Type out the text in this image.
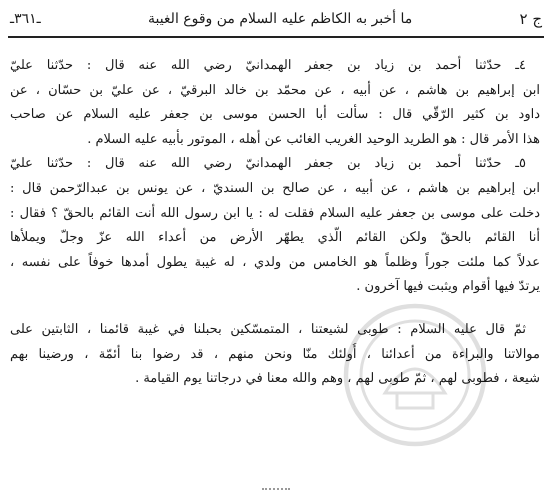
ج ٢
ما أخبر به الكاظم عليه السلام من وقوع الغيبة
ـ٣٦١ـ
٤ـ حدّثنا أحمد بن زياد بن جعفر الهمدانيّ رضي الله عنه قال : حدّثنا عليّ
ابن إبراهيم بن هاشم ، عن أبيه ، عن محمّد بن خالد البرقيّ ، عن عليّ بن حسّان ، عن
داود بن كثير الرّقّي قال : سألت أبا الحسن موسى بن جعفر عليه السلام عن صاحب
هذا الأمر قال : هو الطريد الوحيد الغريب الغائب عن أهله ، الموتور بأبيه عليه السلام .
٥ـ حدّثنا أحمد بن زياد بن جعفر الهمدانيّ رضي الله عنه قال : حدّثنا عليّ
ابن إبراهيم بن هاشم ، عن أبيه ، عن صالح بن السنديّ ، عن يونس بن عبدالرّحمن قال :
دخلت على موسى بن جعفر عليه السلام فقلت له : يا ابن رسول الله أنت القائم بالحقّ ؟ فقال :
أنا القائم بالحقّ ولكن القائم الّذي يطهّر الأرض من أعداء الله عزّ وجلّ ويملأها
عدلاً كما ملئت جوراً وظلماً هو الخامس من ولدي ، له غيبة يطول أمدها خوفاً على نفسه ،
يرتدّ فيها أقوام ويثبت فيها آخرون .
ثمّ قال عليه السلام : طوبى لشيعتنا ، المتمسّكين بحبلنا في غيبة قائمنا ، الثابتين على
موالاتنا والبراءة من أعدائنا ، أُولئك منّا ونحن منهم ، قد رضوا بنا أئمّة ، ورضينا بهم
شيعة ، فطوبى لهم ، ثمّ طوبى لهم ، وهم والله معنا في درجاتنا يوم القيامة .
